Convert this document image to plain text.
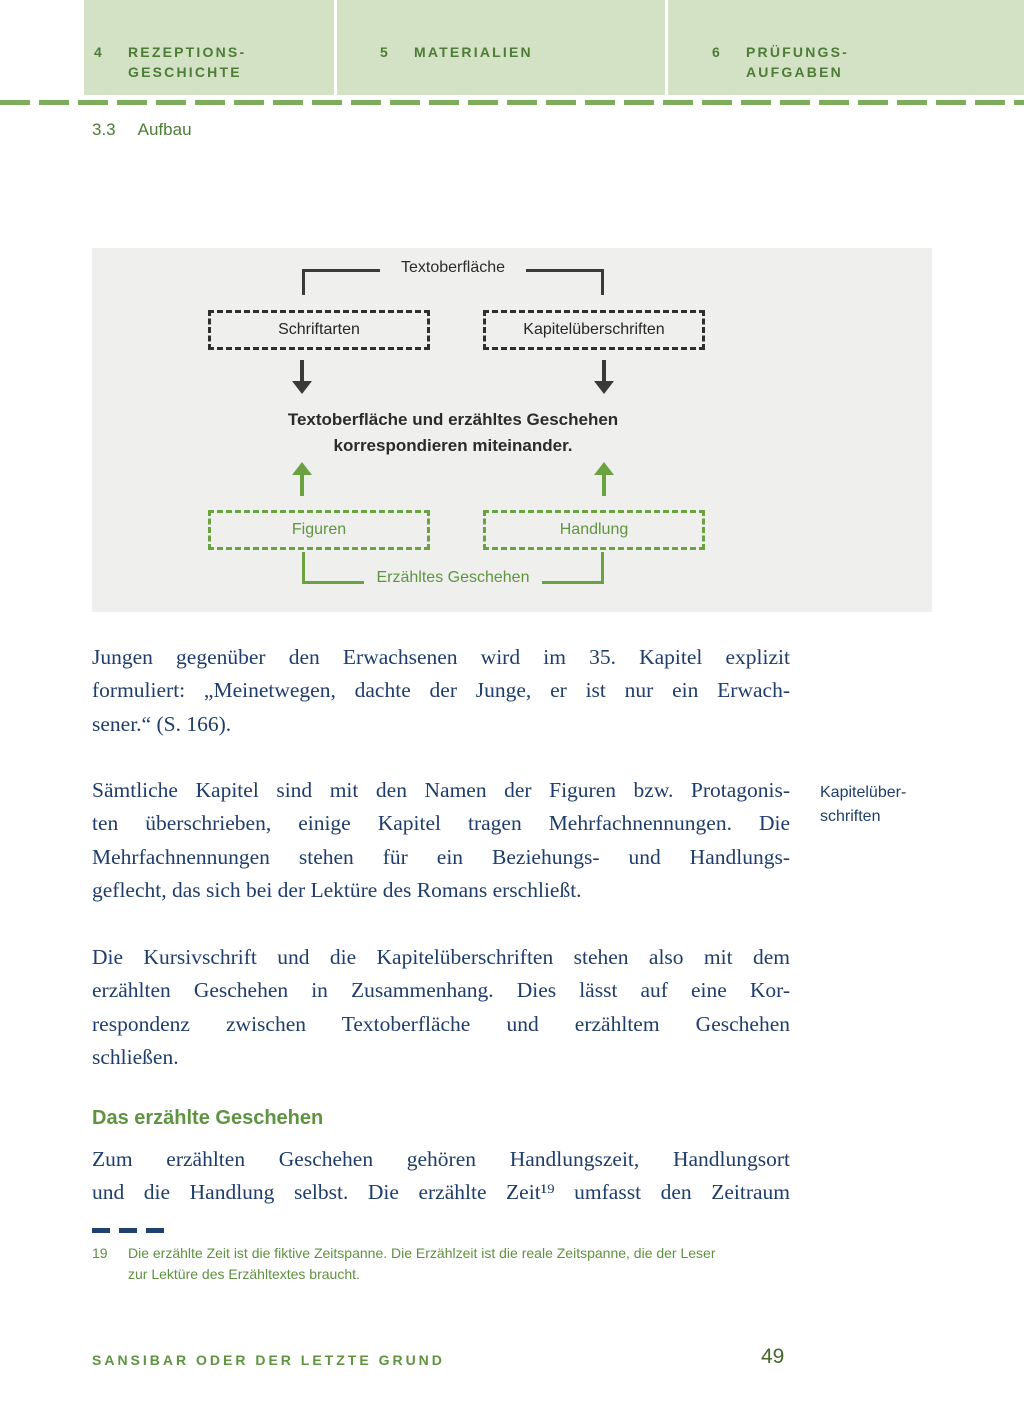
4	REZEPTIONS-
GESCHICHTE
5	MATERIALIEN	6	PRÜFUNGS-
AUFGABEN
3.3 Aufbau
Textoberfläche
Schriftarten	Kapitelüberschriften
Textoberfläche und erzähltes Geschehen
korrespondieren miteinander.
Figuren	Handlung
Erzähltes Geschehen
Jungen gegenüber den Erwachsenen wird im 35. Kapitel explizit
formuliert: „Meinetwegen, dachte der Junge, er ist nur ein Erwach-
sener.“ (S. 166).
Sämtliche Kapitel sind mit den Namen der Figuren bzw. Protagonis-
ten überschrieben, einige Kapitel tragen Mehrfachnennungen. Die
Mehrfachnennungen stehen für ein Beziehungs- und Handlungs-
geflecht, das sich bei der Lektüre des Romans erschließt.
Kapitelüber-
schriften
Die Kursivschrift und die Kapitelüberschriften stehen also mit dem
erzählten Geschehen in Zusammenhang. Dies lässt auf eine Kor-
respondenz zwischen Textoberfläche und erzähltem Geschehen
schließen.
Das erzählte Geschehen
Zum erzählten Geschehen gehören Handlungszeit, Handlungsort
und die Handlung selbst. Die erzählte Zeit¹⁹ umfasst den Zeitraum
19 Die erzählte Zeit ist die fiktive Zeitspanne. Die Erzählzeit ist die reale Zeitspanne, die der Leser
zur Lektüre des Erzähltextes braucht.
SANSIBAR ODER DER LETZTE GRUND	49
